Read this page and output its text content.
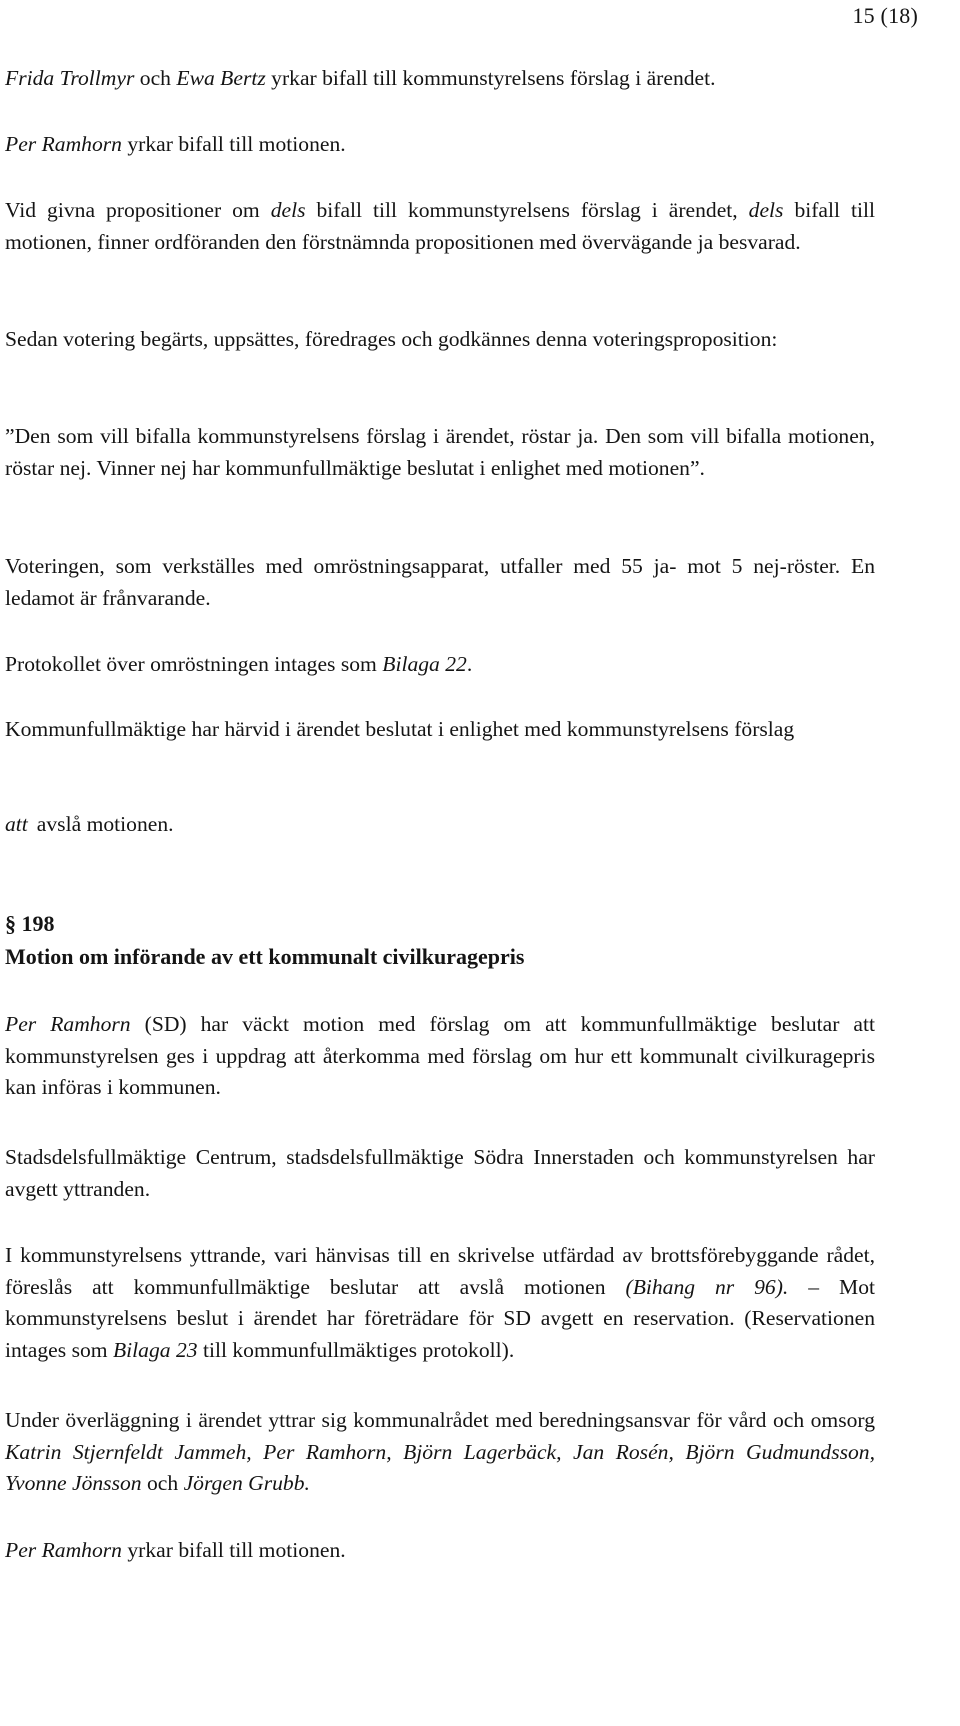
15 (18)
Frida Trollmyr och Ewa Bertz yrkar bifall till kommunstyrelsens förslag i ärendet.
Per Ramhorn yrkar bifall till motionen.
Vid givna propositioner om dels bifall till kommunstyrelsens förslag i ärendet, dels bifall till motionen, finner ordföranden den förstnämnda propositionen med övervägande ja besvarad.
Sedan votering begärts, uppsättes, föredrages och godkännes denna voteringsproposition:
”Den som vill bifalla kommunstyrelsens förslag i ärendet, röstar ja. Den som vill bifalla motionen, röstar nej. Vinner nej har kommunfullmäktige beslutat i enlighet med motionen”.
Voteringen, som verkställes med omröstningsapparat, utfaller med 55 ja- mot 5 nej-röster. En ledamot är frånvarande.
Protokollet över omröstningen intages som Bilaga 22.
Kommunfullmäktige har härvid i ärendet beslutat i enlighet med kommunstyrelsens förslag
att avslå motionen.
§ 198
Motion om införande av ett kommunalt civilkuragepris
Per Ramhorn (SD) har väckt motion med förslag om att kommunfullmäktige beslutar att kommunstyrelsen ges i uppdrag att återkomma med förslag om hur ett kommunalt civilkuragepris kan införas i kommunen.
Stadsdelsfullmäktige Centrum, stadsdelsfullmäktige Södra Innerstaden och kommunstyrelsen har avgett yttranden.
I kommunstyrelsens yttrande, vari hänvisas till en skrivelse utfärdad av brottsförebyggande rådet, föreslås att kommunfullmäktige beslutar att avslå motionen (Bihang nr 96). – Mot kommunstyrelsens beslut i ärendet har företrädare för SD avgett en reservation. (Reservationen intages som Bilaga 23 till kommunfullmäktiges protokoll).
Under överläggning i ärendet yttrar sig kommunalrådet med beredningsansvar för vård och omsorg Katrin Stjernfeldt Jammeh, Per Ramhorn, Björn Lagerbäck, Jan Rosén, Björn Gudmundsson, Yvonne Jönsson och Jörgen Grubb.
Per Ramhorn yrkar bifall till motionen.
